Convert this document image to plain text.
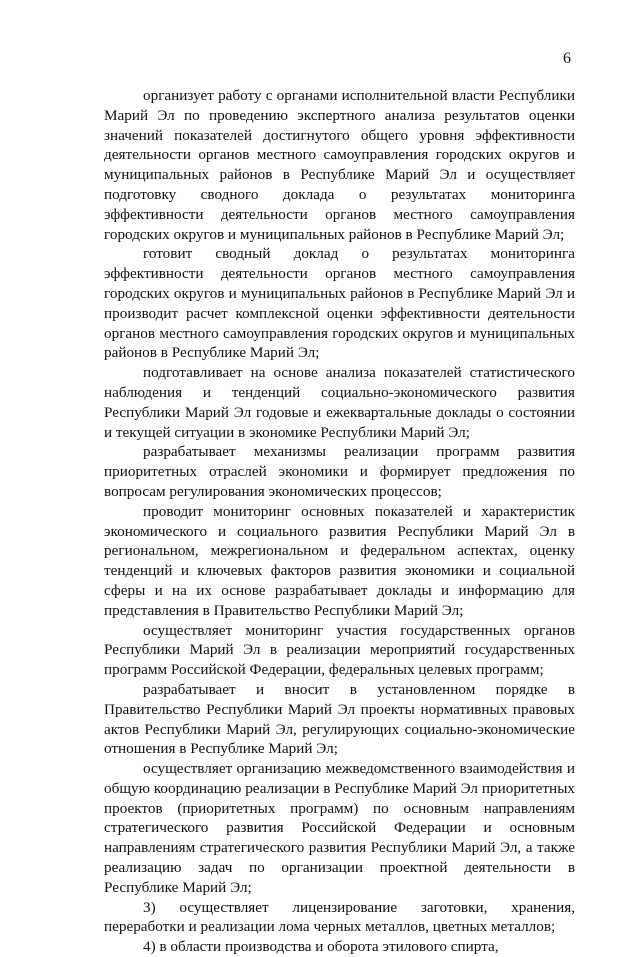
6

организует работу с органами исполнительной власти Республики Марий Эл по проведению экспертного анализа результатов оценки значений показателей достигнутого общего уровня эффективности деятельности органов местного самоуправления городских округов и муниципальных районов в Республике Марий Эл и осуществляет подготовку сводного доклада о результатах мониторинга эффективности деятельности органов местного самоуправления городских округов и муниципальных районов в Республике Марий Эл;

готовит сводный доклад о результатах мониторинга эффективности деятельности органов местного самоуправления городских округов и муниципальных районов в Республике Марий Эл и производит расчет комплексной оценки эффективности деятельности органов местного самоуправления городских округов и муниципальных районов в Республике Марий Эл;

подготавливает на основе анализа показателей статистического наблюдения и тенденций социально-экономического развития Республики Марий Эл годовые и ежеквартальные доклады о состоянии и текущей ситуации в экономике Республики Марий Эл;

разрабатывает механизмы реализации программ развития приоритетных отраслей экономики и формирует предложения по вопросам регулирования экономических процессов;

проводит мониторинг основных показателей и характеристик экономического и социального развития Республики Марий Эл в региональном, межрегиональном и федеральном аспектах, оценку тенденций и ключевых факторов развития экономики и социальной сферы и на их основе разрабатывает доклады и информацию для представления в Правительство Республики Марий Эл;

осуществляет мониторинг участия государственных органов Республики Марий Эл в реализации мероприятий государственных программ Российской Федерации, федеральных целевых программ;

разрабатывает и вносит в установленном порядке в Правительство Республики Марий Эл проекты нормативных правовых актов Республики Марий Эл, регулирующих социально-экономические отношения в Республике Марий Эл;

осуществляет организацию межведомственного взаимодействия и общую координацию реализации в Республике Марий Эл приоритетных проектов (приоритетных программ) по основным направлениям стратегического развития Российской Федерации и основным направлениям стратегического развития Республики Марий Эл, а также реализацию задач по организации проектной деятельности в Республике Марий Эл;

3) осуществляет лицензирование заготовки, хранения, переработки и реализации лома черных металлов, цветных металлов;

4) в области производства и оборота этилового спирта,
